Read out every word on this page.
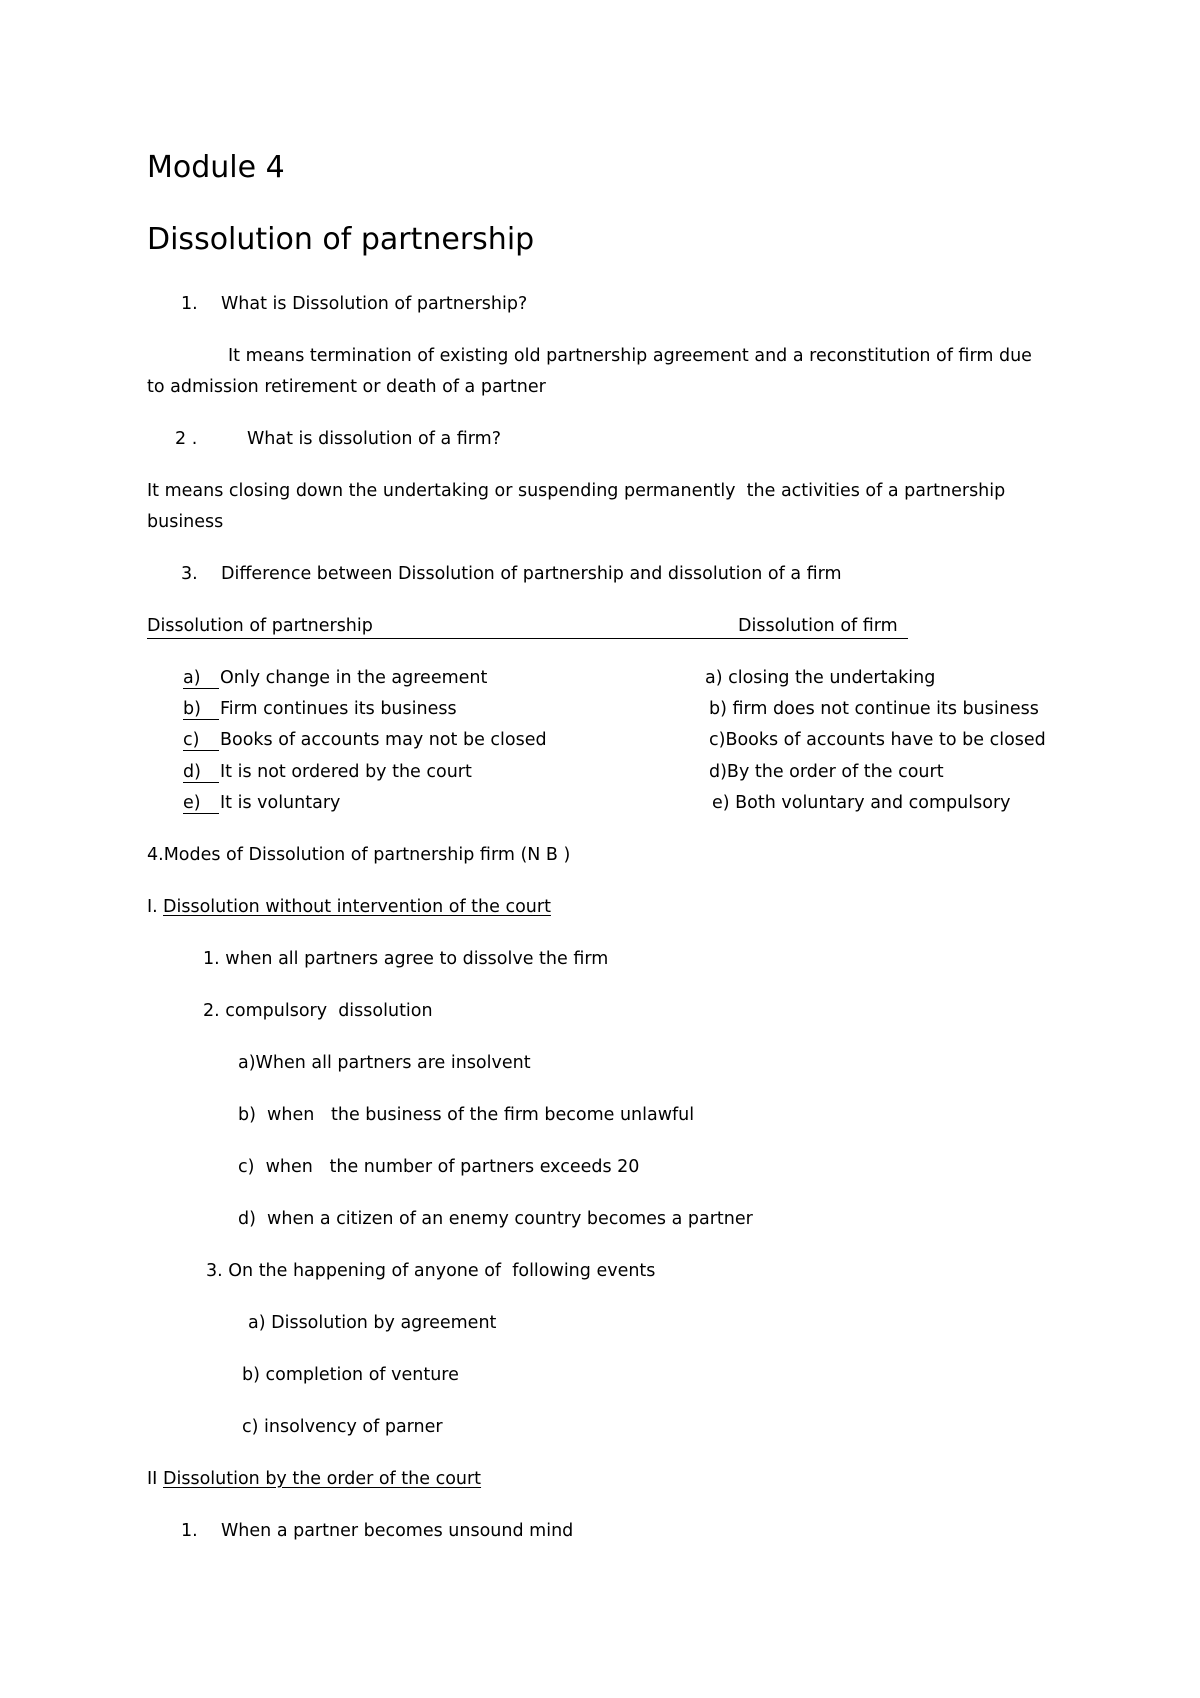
Module 4
Dissolution of partnership
1. What is Dissolution of partnership?
It means termination of existing old partnership agreement and a reconstitution of firm due
to admission retirement or death of a partner
2 .	What is dissolution of a firm?
It means closing down the undertaking or suspending permanently  the activities of a partnership
business
3. Difference between Dissolution of partnership and dissolution of a firm
Dissolution of partnership	Dissolution of firm
a)	Only change in the agreement	a) closing the undertaking
b)	Firm continues its business	b) firm does not continue its business
c)	Books of accounts may not be closed	c)Books of accounts have to be closed
d)	It is not ordered by the court	d)By the order of the court
e)	It is voluntary	e) Both voluntary and compulsory
4.Modes of Dissolution of partnership firm (N B )
I. Dissolution without intervention of the court
1. when all partners agree to dissolve the firm
2. compulsory  dissolution
a)When all partners are insolvent
b)  when   the business of the firm become unlawful
c)  when   the number of partners exceeds 20
d)  when a citizen of an enemy country becomes a partner
3. On the happening of anyone of  following events
a) Dissolution by agreement
b) completion of venture
c) insolvency of parner
II Dissolution by the order of the court
1. When a partner becomes unsound mind
